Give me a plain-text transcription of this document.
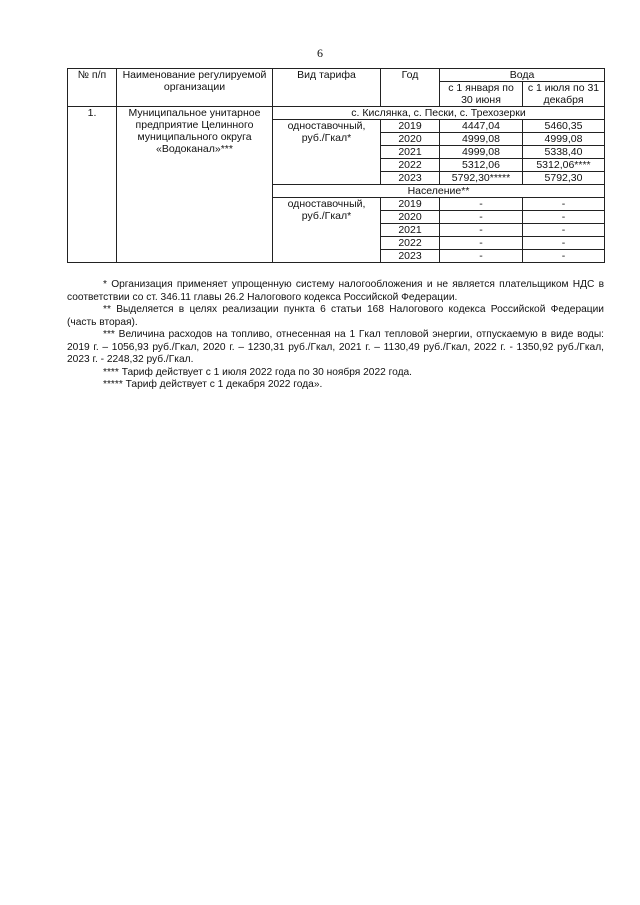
6
№ п/п	Наименование регулируемой организации	Вид тарифа	Год	Вода	
				с 1 января по 30 июня	с 1 июля по 31 декабря
1.	Муниципальное унитарное предприятие Целинного муниципального округа «Водоканал»***	с. Кислянка, с. Пески, с. Трехозерки			
		одноставочный, руб./Гкал*	2019	4447,04	5460,35
			2020	4999,08	4999,08
			2021	4999,08	5338,40
			2022	5312,06	5312,06****
			2023	5792,30*****	5792,30
		Население**			
		одноставочный, руб./Гкал*	2019	-	-
			2020	-	-
			2021	-	-
			2022	-	-
			2023	-	-

* Организация применяет упрощенную систему налогообложения и не является плательщиком НДС в соответствии со ст. 346.11 главы 26.2 Налогового кодекса Российской Федерации.

** Выделяется в целях реализации пункта 6 статьи 168 Налогового кодекса Российской Федерации (часть вторая).

*** Величина расходов на топливо, отнесенная на 1 Гкал тепловой энергии, отпускаемую в виде воды: 2019 г. – 1056,93 руб./Гкал, 2020 г. – 1230,31 руб./Гкал, 2021 г. – 1130,49 руб./Гкал, 2022 г. - 1350,92 руб./Гкал, 2023 г. - 2248,32 руб./Гкал.

**** Тариф действует с 1 июля 2022 года по 30 ноября 2022 года.

***** Тариф действует с 1 декабря 2022 года».
